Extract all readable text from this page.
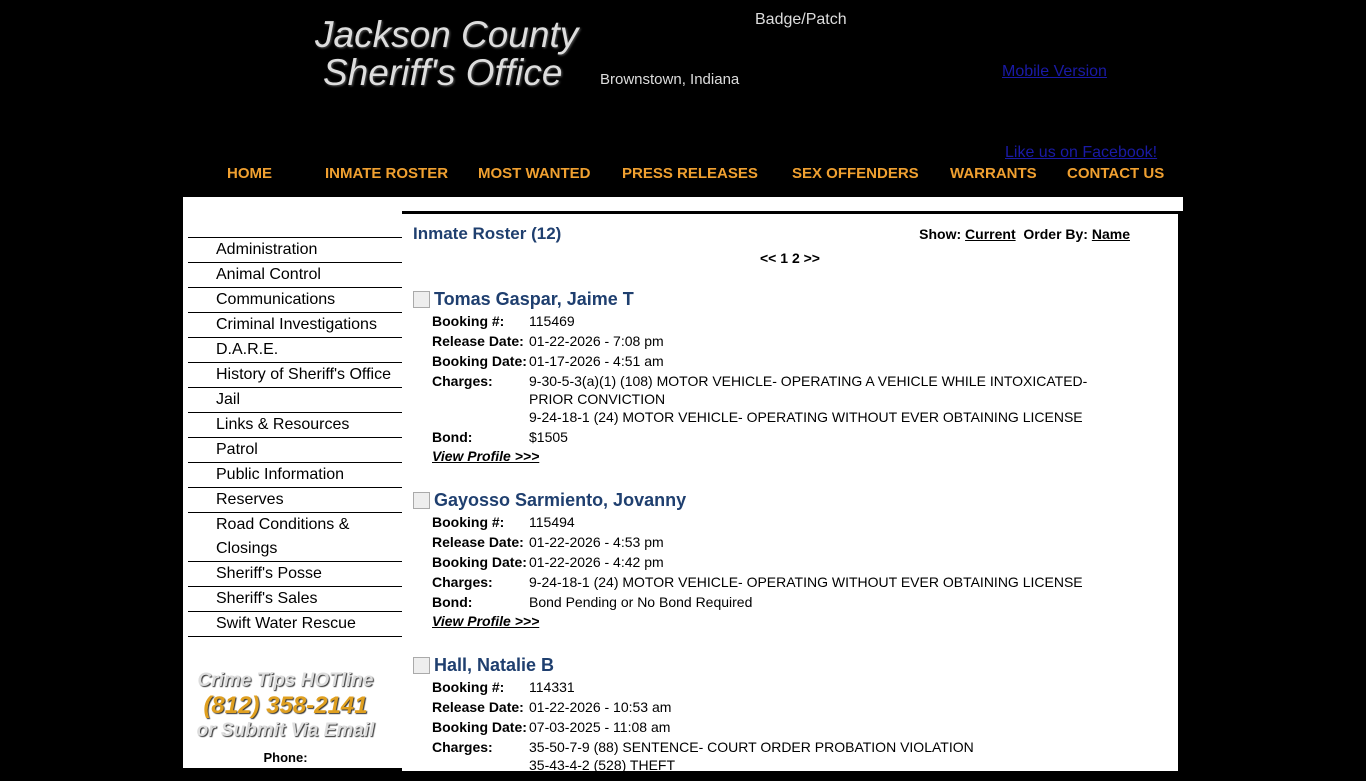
Jackson County
Sheriff's Office	Brownstown, Indiana
Badge/Patch
Mobile Version
Like us on Facebook!
HOME	INMATE ROSTER MOST WANTED PRESS RELEASES SEX OFFENDERS WARRANTS CONTACT US
Administration
Animal Control
Communications
Criminal Investigations
D.A.R.E.
History of Sheriff's Office
Jail
Links & Resources
Patrol
Public Information
Reserves
Road Conditions & Closings
Sheriff's Posse
Sheriff's Sales
Swift Water Rescue
Crime Tips HOTline
(812) 358-2141
or Submit Via Email
Phone:
(812) 358-2141
Inmate Roster (12)	Show: Current Order By: Name
<< 1 2 >>
Tomas Gaspar, Jaime T
Booking #:	115469
Release Date: 01-22-2026 - 7:08 pm
Booking Date: 01-17-2026 - 4:51 am
Charges:	9-30-5-3(a)(1) (108) MOTOR VEHICLE- OPERATING A VEHICLE WHILE INTOXICATED- PRIOR CONVICTION
9-24-18-1 (24) MOTOR VEHICLE- OPERATING WITHOUT EVER OBTAINING LICENSE
Bond:	$1505
View Profile >>>
Gayosso Sarmiento, Jovanny
Booking #:	115494
Release Date: 01-22-2026 - 4:53 pm
Booking Date: 01-22-2026 - 4:42 pm
Charges:	9-24-18-1 (24) MOTOR VEHICLE- OPERATING WITHOUT EVER OBTAINING LICENSE
Bond:	Bond Pending or No Bond Required
View Profile >>>
Hall, Natalie B
Booking #:	114331
Release Date: 01-22-2026 - 10:53 am
Booking Date: 07-03-2025 - 11:08 am
Charges:	35-50-7-9 (88) SENTENCE- COURT ORDER PROBATION VIOLATION
35-43-4-2 (528) THEFT
